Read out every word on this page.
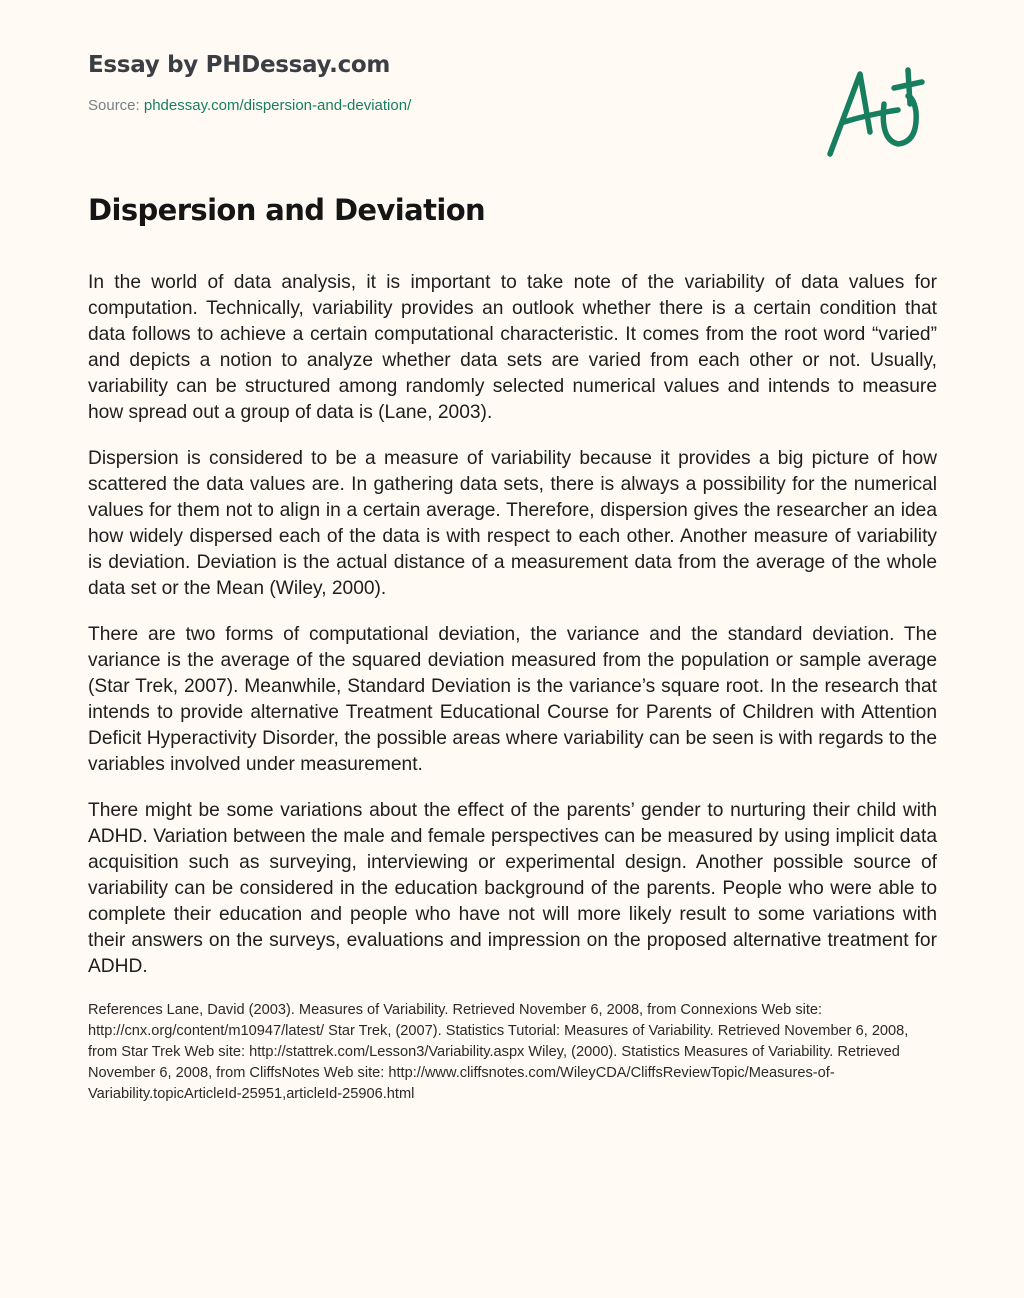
Essay by PHDessay.com
Source: phdessay.com/dispersion-and-deviation/
Dispersion and Deviation

In the world of data analysis, it is important to take note of the variability of data values for computation. Technically, variability provides an outlook whether there is a certain condition that data follows to achieve a certain computational characteristic. It comes from the root word “varied” and depicts a notion to analyze whether data sets are varied from each other or not. Usually, variability can be structured among randomly selected numerical values and intends to measure how spread out a group of data is (Lane, 2003).

Dispersion is considered to be a measure of variability because it provides a big picture of how scattered the data values are. In gathering data sets, there is always a possibility for the numerical values for them not to align in a certain average. Therefore, dispersion gives the researcher an idea how widely dispersed each of the data is with respect to each other. Another measure of variability is deviation. Deviation is the actual distance of a measurement data from the average of the whole data set or the Mean (Wiley, 2000).

There are two forms of computational deviation, the variance and the standard deviation. The variance is the average of the squared deviation measured from the population or sample average (Star Trek, 2007). Meanwhile, Standard Deviation is the variance’s square root. In the research that intends to provide alternative Treatment Educational Course for Parents of Children with Attention Deficit Hyperactivity Disorder, the possible areas where variability can be seen is with regards to the variables involved under measurement.

There might be some variations about the effect of the parents’ gender to nurturing their child with ADHD. Variation between the male and female perspectives can be measured by using implicit data acquisition such as surveying, interviewing or experimental design. Another possible source of variability can be considered in the education background of the parents. People who were able to complete their education and people who have not will more likely result to some variations with their answers on the surveys, evaluations and impression on the proposed alternative treatment for ADHD.

References Lane, David (2003). Measures of Variability. Retrieved November 6, 2008, from Connexions Web site: http://cnx.org/content/m10947/latest/ Star Trek, (2007). Statistics Tutorial: Measures of Variability. Retrieved November 6, 2008, from Star Trek Web site: http://stattrek.com/Lesson3/Variability.aspx Wiley, (2000). Statistics Measures of Variability. Retrieved November 6, 2008, from CliffsNotes Web site: http://www.cliffsnotes.com/WileyCDA/CliffsReviewTopic/Measures-of-Variability.topicArticleId-25951,articleId-25906.html
